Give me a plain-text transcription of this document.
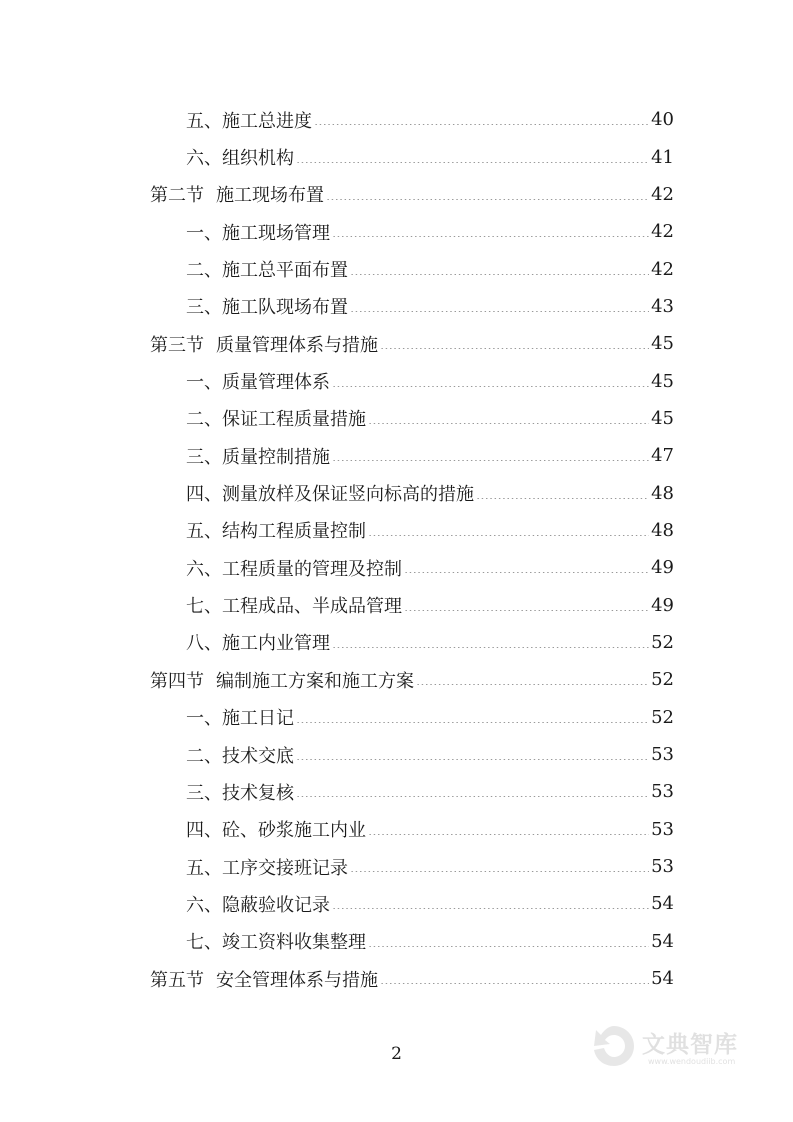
五、施工总进度	40
六、组织机构	41
第二节 施工现场布置	42
一、施工现场管理	42
二、施工总平面布置	42
三、施工队现场布置	43
第三节 质量管理体系与措施	45
一、质量管理体系	45
二、保证工程质量措施	45
三、质量控制措施	47
四、测量放样及保证竖向标高的措施	48
五、结构工程质量控制	48
六、工程质量的管理及控制	49
七、工程成品、半成品管理	49
八、施工内业管理	52
第四节 编制施工方案和施工方案	52
一、施工日记	52
二、技术交底	53
三、技术复核	53
四、砼、砂浆施工内业	53
五、工序交接班记录	53
六、隐蔽验收记录	54
七、竣工资料收集整理	54
第五节 安全管理体系与措施	54
2	文典智库
www.wendoudiib.com
